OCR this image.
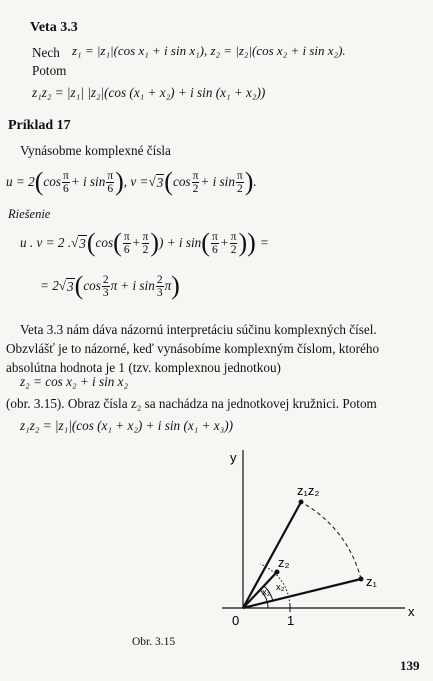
Veta 3.3
Nech z₁ = |z₁|(cos x₁ + i sin x₁), z₂ = |z₂|(cos x₂ + i sin x₂).
Potom
z₁z₂ = |z₁| |z₂|(cos (x₁ + x₂) + i sin (x₁ + x₂))
Príklad 17
Vynásobme komplexné čísla
u = 2 ( $\cos \frac{\pi}{6} + i$ $\sin \frac{\pi}{6}$ ) , v = √ 3 ( $\cos \frac{\pi}{2} + i$ $\sin \frac{\pi}{2}$ ) .
Riešenie
u . v = 2 . √ 3 ( cos ( $\frac{\pi}{6} + \frac{\pi}{2}$ ) ) + i sin ( $\frac{\pi}{6} + \frac{\pi}{2}$ ) ) =
= 2 √ 3 ( $\cos \frac{2}{3}$ π + i $\sin \frac{2}{3}$ π )
Veta 3.3 nám dáva názornú interpretáciu súčinu komplexných čísel. Obzvlášť je to názorné, keď vynásobíme komplexným číslom, ktorého absolútna hodnota je 1 (tzv. komplexnou jednotkou)
z₂ = cos x₂ + i sin x₂
(obr. 3.15). Obraz čísla z₂ sa nachádza na jednotkovej kružnici. Potom
z₁z₂ = |z₁|(cos (x₁ + x₂) + i sin (x₁ + x₃))
y
x
0	1
z₁
z₂
z₁z₂
x₂ x₂
Obr. 3.15
139
